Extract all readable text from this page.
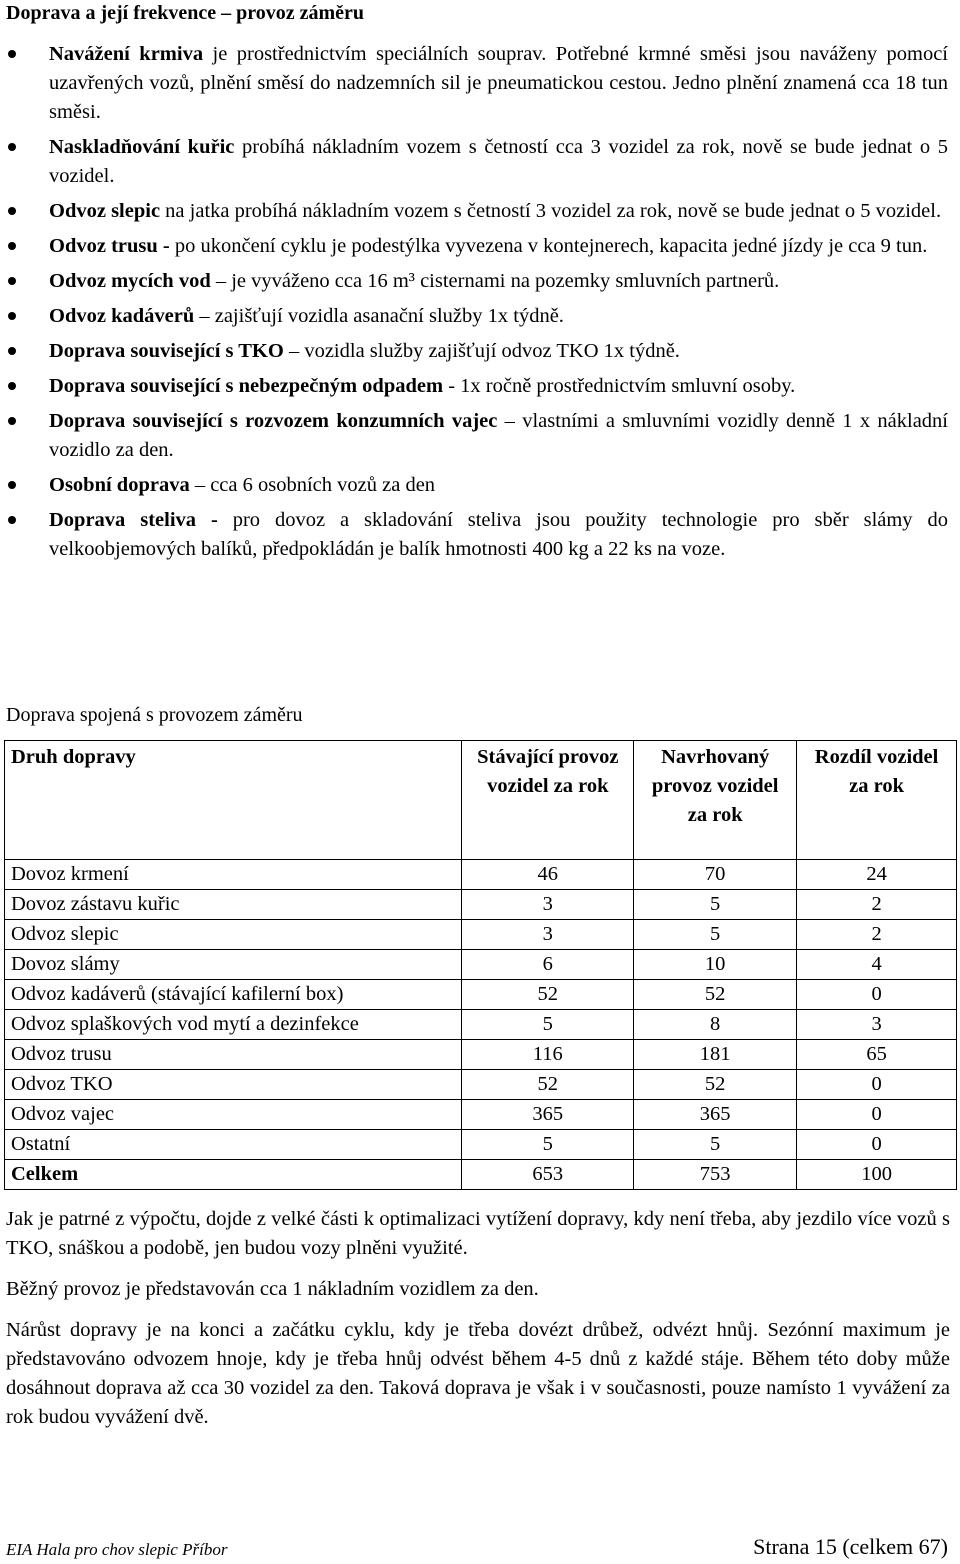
Doprava a její frekvence – provoz záměru
Navážení krmiva je prostřednictvím speciálních souprav. Potřebné krmné směsi jsou naváženy pomocí uzavřených vozů, plnění směsí do nadzemních sil je pneumatickou cestou. Jedno plnění znamená cca 18 tun směsi.
Naskladňování kuřic probíhá nákladním vozem s četností cca 3 vozidel za rok, nově se bude jednat o 5 vozidel.
Odvoz slepic na jatka probíhá nákladním vozem s četností 3 vozidel za rok, nově se bude jednat o 5 vozidel.
Odvoz trusu - po ukončení cyklu je podestýlka vyvezena v kontejnerech, kapacita jedné jízdy je cca 9 tun.
Odvoz mycích vod – je vyváženo cca 16 m³ cisternami na pozemky smluvních partnerů.
Odvoz kadáverů – zajišťují vozidla asanační služby 1x týdně.
Doprava související s TKO – vozidla služby zajišťují odvoz TKO 1x týdně.
Doprava související s nebezpečným odpadem - 1x ročně prostřednictvím smluvní osoby.
Doprava související s rozvozem konzumních vajec – vlastními a smluvními vozidly denně 1 x nákladní vozidlo za den.
Osobní doprava – cca 6 osobních vozů za den
Doprava steliva - pro dovoz a skladování steliva jsou použity technologie pro sběr slámy do velkoobjemových balíků, předpokládán je balík hmotnosti 400 kg a 22 ks na voze.
Doprava spojená s provozem záměru
Druh dopravy	Stávající provoz vozidel za rok	Navrhovaný provoz vozidel za rok	Rozdíl vozidel za rok
Dovoz krmení	46	70	24
Dovoz zástavu kuřic	3	5	2
Odvoz slepic	3	5	2
Dovoz slámy	6	10	4
Odvoz kadáverů (stávající kafilerní box)	52	52	0
Odvoz splaškových vod mytí a dezinfekce	5	8	3
Odvoz trusu	116	181	65
Odvoz TKO	52	52	0
Odvoz vajec	365	365	0
Ostatní	5	5	0
Celkem	653	753	100

Jak je patrné z výpočtu, dojde z velké části k optimalizaci vytížení dopravy, kdy není třeba, aby jezdilo více vozů s TKO, snáškou a podobě, jen budou vozy plněni využité.

Běžný provoz je představován cca 1 nákladním vozidlem za den.

Nárůst dopravy je na konci a začátku cyklu, kdy je třeba dovézt drůbež, odvézt hnůj. Sezónní maximum je představováno odvozem hnoje, kdy je třeba hnůj odvést během 4-5 dnů z každé stáje. Během této doby může dosáhnout doprava až cca 30 vozidel za den. Taková doprava je však i v současnosti, pouze namísto 1 vyvážení za rok budou vyvážení dvě.

EIA Hala pro chov slepic Příbor	Strana 15 (celkem 67)
